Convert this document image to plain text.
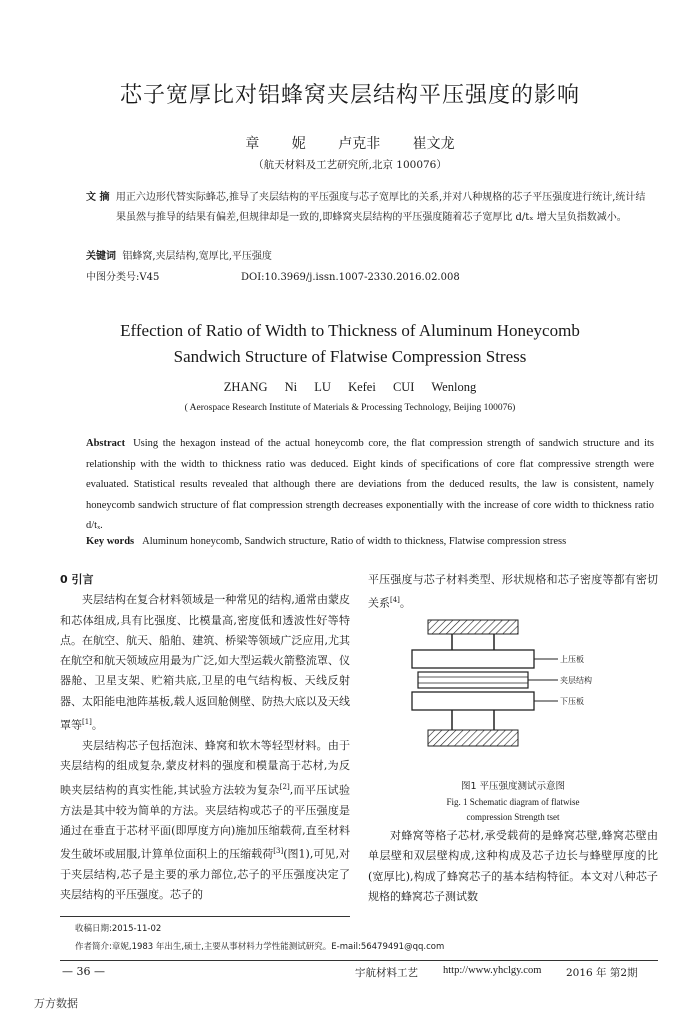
芯子宽厚比对铝蜂窝夹层结构平压强度的影响
章 妮 卢克非 崔文龙
（航天材料及工艺研究所,北京 100076）
文 摘 用正六边形代替实际蜂芯,推导了夹层结构的平压强度与芯子宽厚比的关系,并对八种规格的芯子平压强度进行统计,统计结果虽然与推导的结果有偏差,但规律却是一致的,即蜂窝夹层结构的平压强度随着芯子宽厚比 d/tₓ 增大呈负指数减小。
关键词 铝蜂窝,夹层结构,宽厚比,平压强度
中图分类号:V45	DOI:10.3969/j.issn.1007-2330.2016.02.008
Effection of Ratio of Width to Thickness of Aluminum Honeycomb
Sandwich Structure of Flatwise Compression Stress
ZHANG Ni LU Kefei CUI Wenlong
( Aerospace Research Institute of Materials & Processing Technology, Beijing 100076)
Abstract Using the hexagon instead of the actual honeycomb core, the flat compression strength of sandwich structure and its relationship with the width to thickness ratio was deduced. Eight kinds of specifications of core flat compressive strength were evaluated. Statistical results revealed that although there are deviations from the deduced results, the law is consistent, namely honeycomb sandwich structure of flat compression strength decreases exponentially with the increase of core width to thickness ratio d/tₓ.
Key words Aluminum honeycomb, Sandwich structure, Ratio of width to thickness, Flatwise compression stress

0 引言

夹层结构在复合材料领域是一种常见的结构,通常由蒙皮和芯体组成,具有比强度、比模量高,密度低和透波性好等特点。在航空、航天、船舶、建筑、桥梁等领域广泛应用,尤其在航空和航天领域应用最为广泛,如大型运载火箭整流罩、仪器舱、卫星支架、贮箱共底,卫星的电气结构板、天线反射器、太阳能电池阵基板,载人返回舱侧壁、防热大底以及天线罩等[1]。

夹层结构芯子包括泡沫、蜂窝和软木等轻型材料。由于夹层结构的组成复杂,蒙皮材料的强度和模量高于芯材,为反映夹层结构的真实性能,其试验方法较为复杂[2],而平压试验方法是其中较为简单的方法。夹层结构或芯子的平压强度是通过在垂直于芯材平面(即厚度方向)施加压缩载荷,直至材料发生破坏或屈服,计算单位面积上的压缩载荷[3](图1),可见,对于夹层结构,芯子是主要的承力部位,芯子的平压强度决定了夹层结构的平压强度。芯子的

平压强度与芯子材料类型、形状规格和芯子密度等都有密切关系[4]。

上压板
夹层结构
下压板
图1 平压强度测试示意图
Fig. 1 Schematic diagram of flatwise
compression Strength tset

对蜂窝等格子芯材,承受载荷的是蜂窝芯壁,蜂窝芯壁由单层壁和双层壁构成,这种构成及芯子边长与蜂壁厚度的比(宽厚比),构成了蜂窝芯子的基本结构特征。本文对八种芯子规格的蜂窝芯子测试数

收稿日期:2015-11-02
作者简介:章妮,1983 年出生,硕士,主要从事材料力学性能测试研究。E-mail:56479491@qq.com
— 36 —	宇航材料工艺 http://www.yhclgy.com 2016 年 第2期
万方数据
